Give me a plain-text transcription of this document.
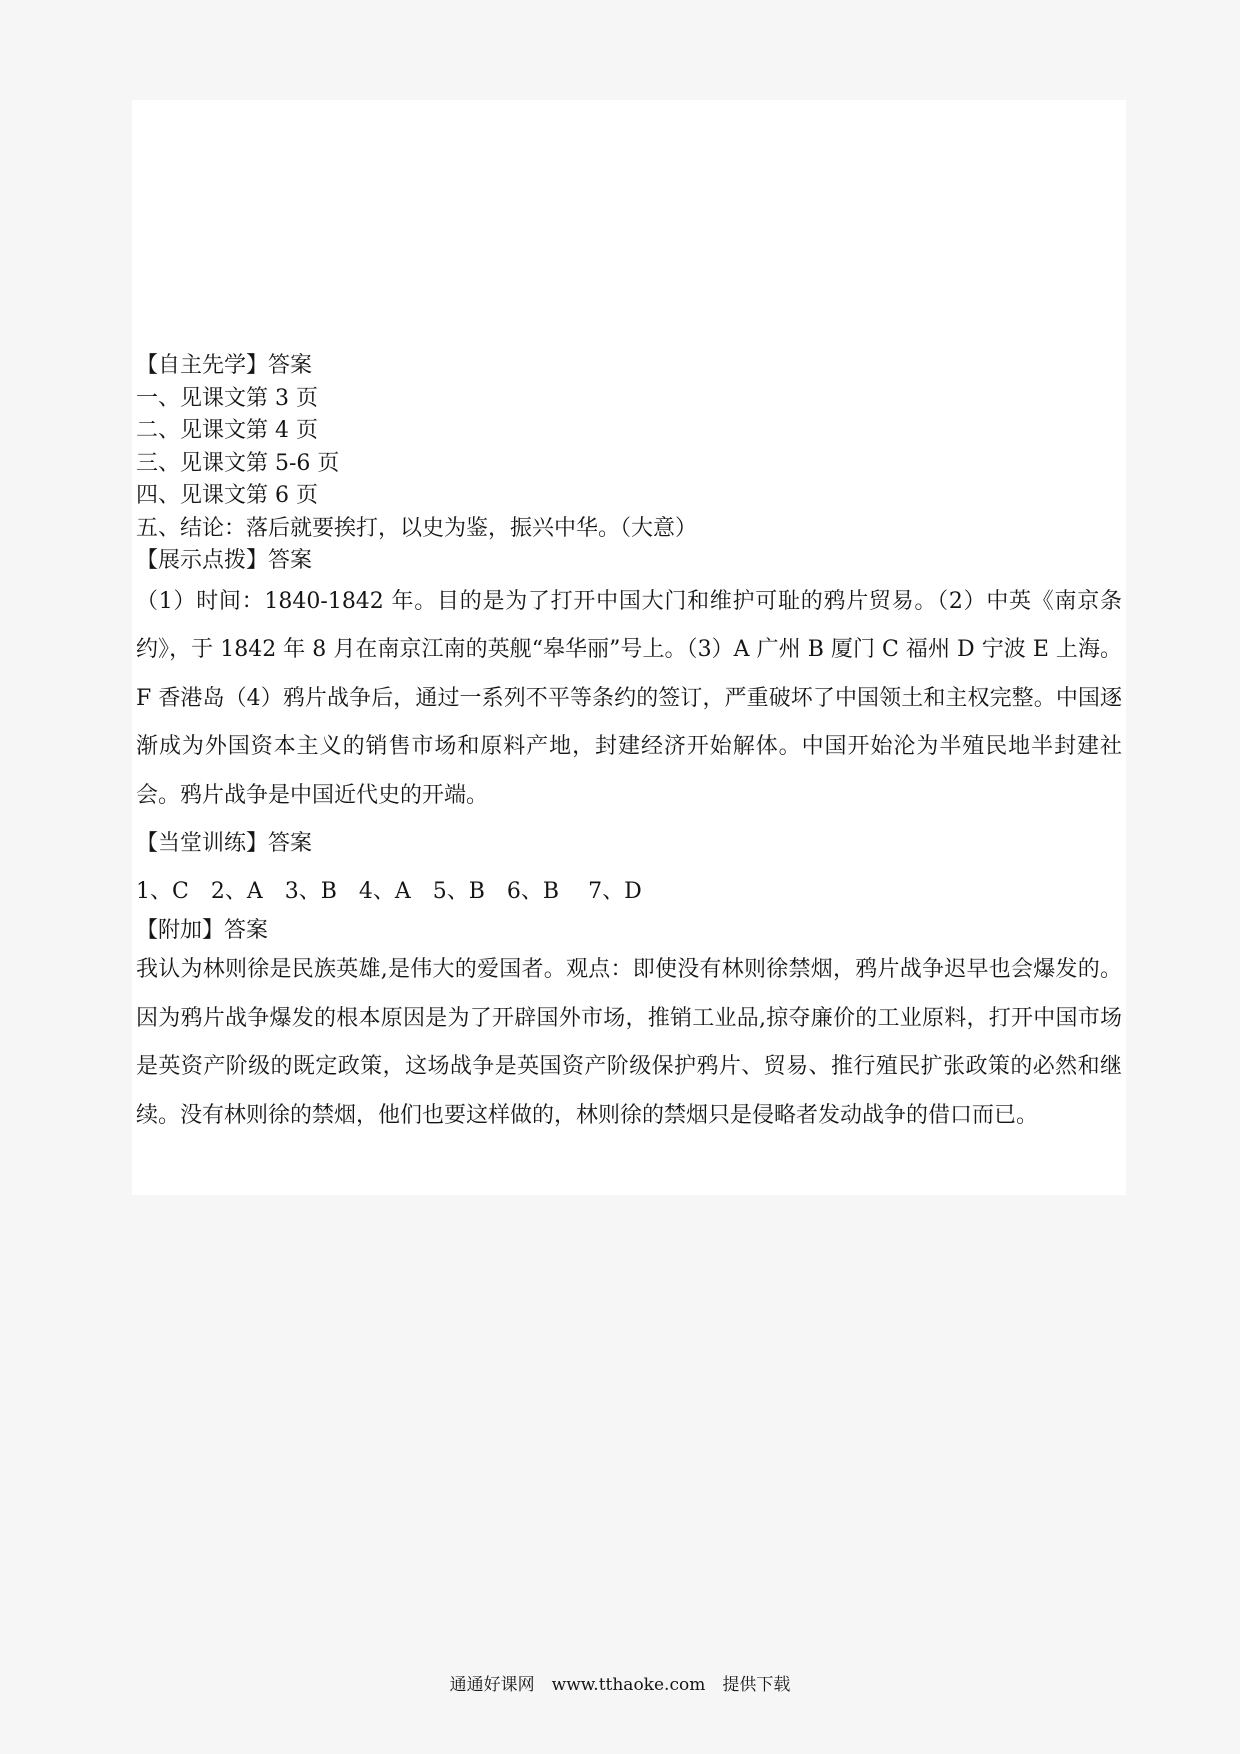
【自主先学】答案
一、见课文第 3 页
二、见课文第 4 页
三、见课文第 5-6 页
四、见课文第 6 页
五、结论：落后就要挨打，以史为鉴，振兴中华。（大意）
【展示点拨】答案

（1）时间：1840-1842 年。目的是为了打开中国大门和维护可耻的鸦片贸易。（2）中英《南京条约》，于 1842 年 8 月在南京江南的英舰“皋华丽”号上。（3）A 广州 B 厦门 C 福州 D 宁波 E 上海。F 香港岛（4）鸦片战争后，通过一系列不平等条约的签订，严重破坏了中国领土和主权完整。中国逐渐成为外国资本主义的销售市场和原料产地，封建经济开始解体。中国开始沦为半殖民地半封建社会。鸦片战争是中国近代史的开端。

【当堂训练】答案
1、C　2、A　3、B　4、A　5、B　6、B　 7、D
【附加】答案

我认为林则徐是民族英雄,是伟大的爱国者。观点：即使没有林则徐禁烟，鸦片战争迟早也会爆发的。因为鸦片战争爆发的根本原因是为了开辟国外市场，推销工业品,掠夺廉价的工业原料，打开中国市场是英资产阶级的既定政策，这场战争是英国资产阶级保护鸦片、贸易、推行殖民扩张政策的必然和继续。没有林则徐的禁烟，他们也要这样做的，林则徐的禁烟只是侵略者发动战争的借口而已。

通通好课网　www.tthaoke.com　提供下载
